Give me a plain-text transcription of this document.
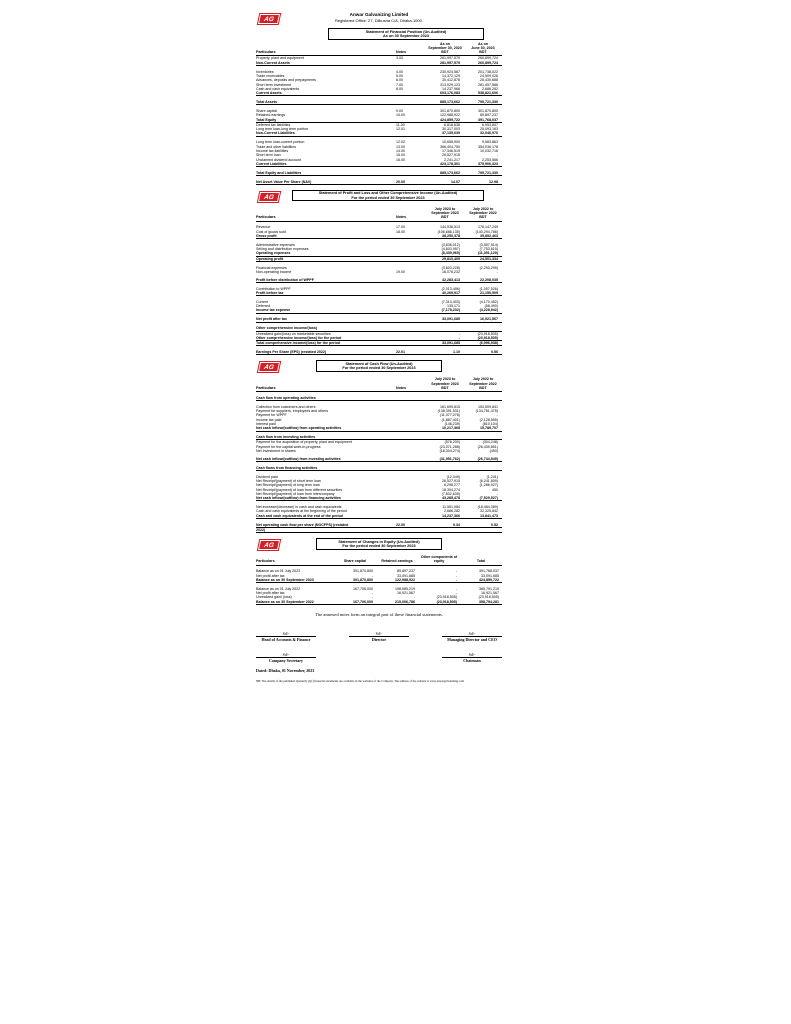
AG
Anwar Galvanizing Limited
Registered Office: 27, Dilkusha C/A, Dhaka-1000.
Statement of Financial Position (Un-Audited)
As on 30 September 2023
Particulars	Notes
As on
September 30, 2023
BDT
As on
June 30, 2023
BDT
Property, plant and equipment	3.00	281,997,579	260,899,724
Non-Current Assets	281,997,579	260,899,724
Inventories	4.00	230,924,587	201,738,022
Trade receivables	5.00	14,372,129	24,509,026
Advances, deposits and prepayments	6.00	30,412,878	28,430,688
Short term investment	7.00	313,029,123	281,457,588
Cash and cash equivalents	8.00	14,237,966	2,686,282
Current Assets	603,176,083	538,821,606
Total Assets	885,173,662	799,721,330
Share capital	9.00	301,870,800	301,870,800
Retained earnings	10.00	122,988,922	89,897,237
Total Equity	424,859,722	391,768,037
Deferred tax liabilities	11.00	6,818,636	6,953,807
Long term loan-long term portion	12.01	30,317,003	25,093,163
Non-Current Liabilities	37,135,639	32,046,970
Long term loan-current portion	12.02	10,658,900	9,583,863
Trade and other liabilities	13.00	366,404,750	354,036,178
Income tax liabilities	14.00	17,346,519	10,032,716
Short term loan	15.00	26,527,915	-
Unclaimed dividend account	16.00	2,241,217	2,253,566
Current Liabilities	423,178,301	375,906,323
Total Equity and Liabilities	885,173,662	799,721,330
Net Asset Value Per Share (NAV)	20.00	14.07	12.98
AG
Statement of Profit and Loss and Other Comprehensive Income (Un-Audited)
For the period ended 30 September 2023
Particulars	Notes
July 2023 to
September 2023
BDT
July 2022 to
September 2022
BDT
Revenue	17.00	144,936,513	176,147,249
Cost of goods sold	18.00	(106,686,135)	(140,294,786)
Gross profit	38,250,378	35,852,463
Administrative expenses	(3,836,012)	(3,597,514)
Selling and distribution expenses	(4,603,957)	(7,753,615)
Operating expenses	(8,439,969)	(11,351,129)
Operating profit	29,810,409	24,501,334
Financial expenses	(3,603,228)	(2,293,299)
Non-operating income	19.00	16,076,232	-
Profit before distribution of WPPF	42,283,413	22,208,035
Contribution to WPPF	(2,013,496)	(1,057,526)
Profit before tax	40,269,917	21,150,509
Current	(7,313,403)	(4,170,452)
Deferred	135,171	(58,490)
Income tax expense	(7,178,232)	(4,228,942)
Net profit after tax	33,091,685	16,921,567
Other comprehensive income/(loss)
Unrealized gain/(loss) on marketable securities	-	(23,918,505)
Other comprehensive income/(loss) for the period	-	(23,918,505)
Total comprehensive income/(loss) for the period	33,091,685	(6,996,938)
Earnings Per Share (EPS) (restated 2022)	22.01	1.10	0.56
AG
Statement of Cash Flow (Un-Audited)
For the period ended 30 September 2023
Particulars	Notes
July 2023 to
September 2023
BDT
July 2022 to
September 2022
BDT
Cash flow from operating activities
Collection from customers and others	161,699,815	153,509,841
Payment for suppliers, employees and others	(138,391,531)	(134,781,475)
Payment for WPPF	(11,077,276)	-
Income tax paid	(1,867,401)	(2,128,555)
Interest paid	(146,239)	(810,104)
Net cash inflow/(outflow) from operating activities	10,217,368	15,789,707
Cash flow from investing activities
Payment for the acquisition of property, plant and equipment	(576,200)	(304,248)
Payment for the capital work-in-progress	(23,071,288)	(26,439,851)
Net Investment in shares	(18,304,274)	(450)
Net cash inflow/(outflow) from investing activities	(41,951,762)	(26,744,549)
Cash flows from financing activities
Dividend paid	(12,349)	(1,241)
Net Receipt/(payment) of short term loan	26,527,915	(6,241,809)
Net Receipt/(payment) of long term loan	6,298,277	(1,286,927)
Net Receipt/(payment) of loan from different securities	18,304,274	450
Net Receipt/(payment) of loan from intercompany	(7,832,639)	-
Net cash inflow/(outflow) from financing activities	43,285,478	(7,529,527)
Net increase/(decrease) in cash and cash equivalents	11,551,084	(18,484,369)
Cash and cash equivalents at the beginning of the period	2,686,282	32,325,842
Cash and cash equivalents at the end of the period	14,237,366	13,841,473
Net operating cash flow per share (NOCFPS) (restated	22.00	0.34	0.52
2022)
AG
Statement of Changes in Equity (Un-Audited)
For the period ended 30 September 2023
Particulars	Share capital	Retained earnings
Other components of equity	Total
Balance as on 01 July 2023	301,870,800	89,897,237	-	391,768,037
Net profit after tax	-	33,091,685	-	33,091,685
Balance as on 30 September 2023	301,870,800	122,988,922	-	424,859,722
Balance as on 01 July 2022	167,706,000	198,085,219	-	365,791,219
Net profit after tax	-	16,921,567	-	16,921,567
Unrealized gain/ (loss)	-	-	(23,918,505)	(23,918,505)
Balance as on 30 September 2022	167,706,000	215,006,786	(23,918,505)	358,794,281
The annexed notes form an integral part of these financial statements.
Sd/-
Head of Accounts & Finance
Sd/-
Director
Sd/-
Managing Director and CEO
Sd/-
Company Secretary
Sd/-
Chairman
Dated: Dhaka, 01 November, 2023
NB: The details of the published Quarterly (Q1) financial statements are available in the websites of the Company. The address of the website is www.anwargalvanizing.com
